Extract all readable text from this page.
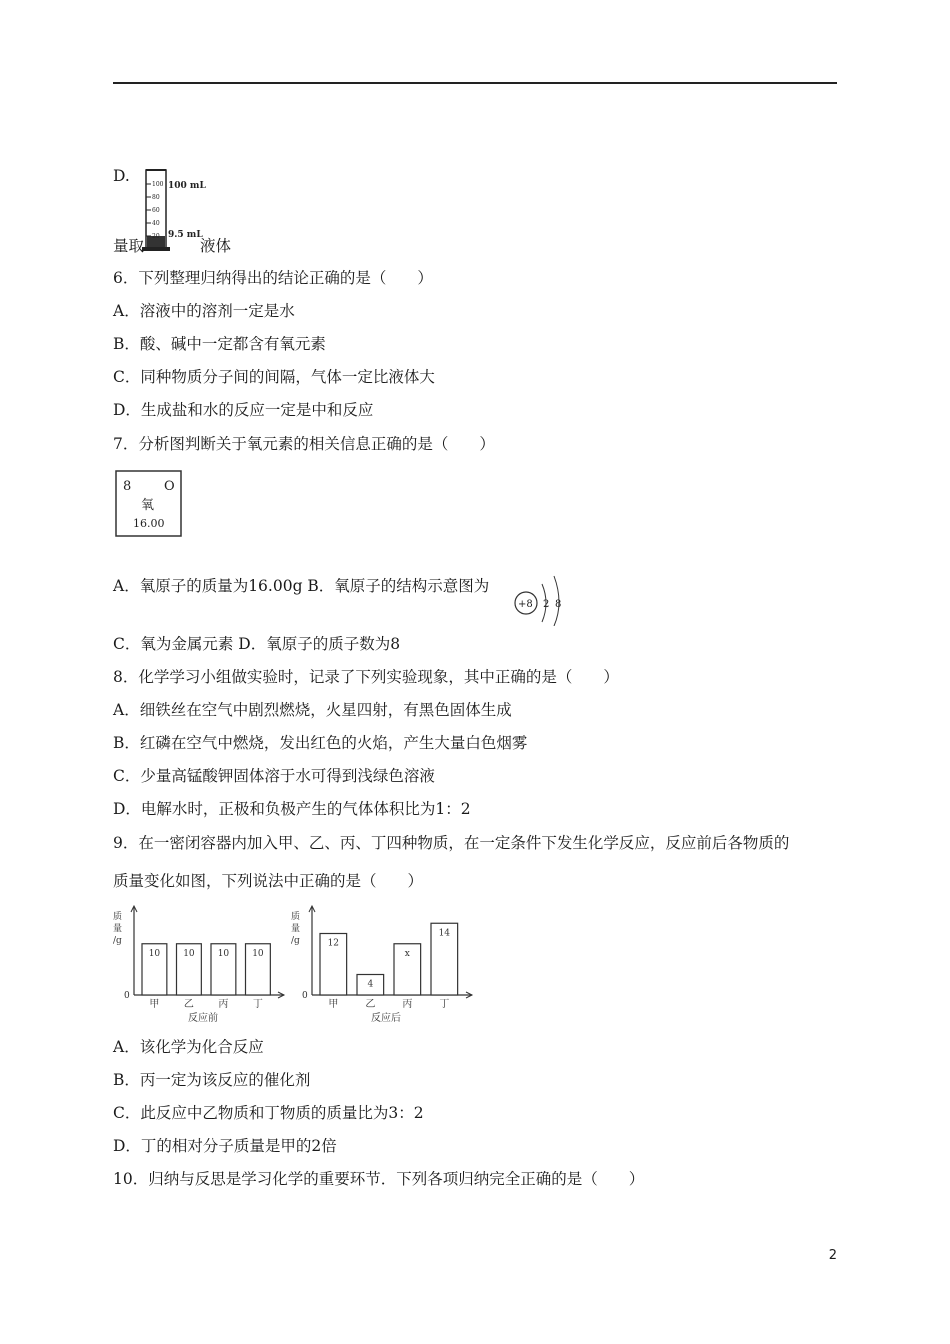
D.	100
80
60
40
20
100 mL
9.5 mL
量取	液体
6．下列整理归纳得出的结论正确的是（　　）
A．溶液中的溶剂一定是水
B．酸、碱中一定都含有氧元素
C．同种物质分子间的间隔，气体一定比液体大
D．生成盐和水的反应一定是中和反应
7．分析图判断关于氧元素的相关信息正确的是（　　）
8	O
氧
16.00
A．氧原子的质量为16.00g B．氧原子的结构示意图为
+8 2 8
C．氧为金属元素 D．氧原子的质子数为8
8．化学学习小组做实验时，记录了下列实验现象，其中正确的是（　　）
A．细铁丝在空气中剧烈燃烧，火星四射，有黑色固体生成
B．红磷在空气中燃烧，发出红色的火焰，产生大量白色烟雾
C．少量高锰酸钾固体溶于水可得到浅绿色溶液
D．电解水时，正极和负极产生的气体体积比为1：2
9．在一密闭容器内加入甲、乙、丙、丁四种物质，在一定条件下发生化学反应，反应前后各物质的
质量变化如图，下列说法中正确的是（　　）
质量/g
0
10
甲
10
乙
10
丙
10
丁
反应前
质量/g
0
12
甲
4
乙
x
丙
14
丁
反应后
A．该化学为化合反应
B．丙一定为该反应的催化剂
C．此反应中乙物质和丁物质的质量比为3：2
D．丁的相对分子质量是甲的2倍
10．归纳与反思是学习化学的重要环节．下列各项归纳完全正确的是（　　）
2
